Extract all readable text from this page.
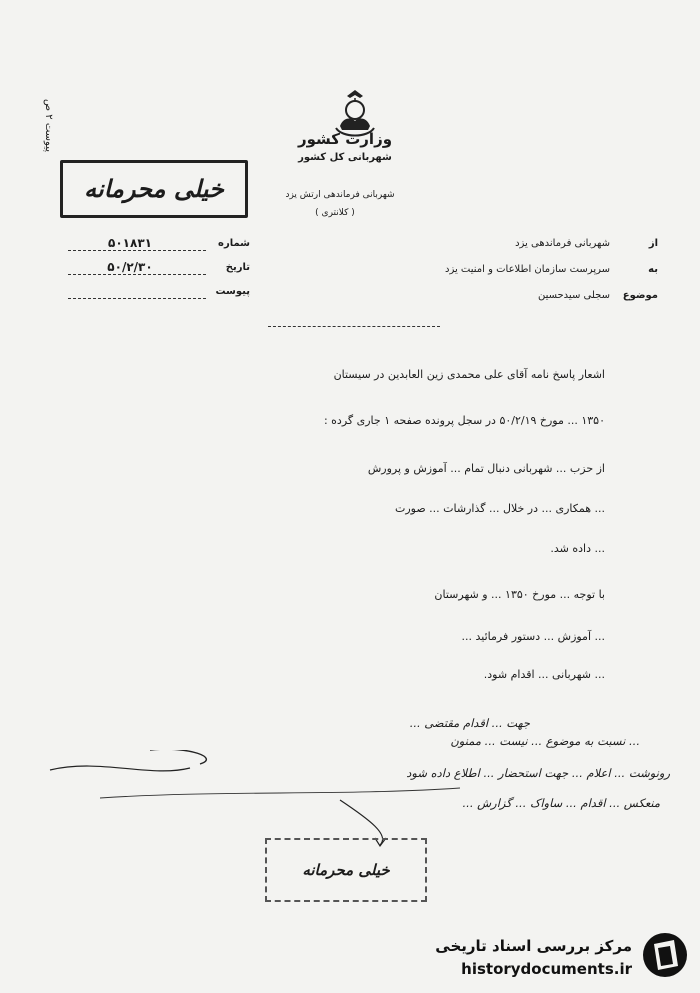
پیوست ۲ ص	وزارت کشور
شهربانی کل کشور
شهربانی فرماندهی ارتش یزد
( کلانتری )
خیلی محرمانه
شماره
۵۰۱۸۳۱
تاریخ
۵۰/۲/۳۰
پیوست
از
شهربانی فرماندهی یزد
به
سرپرست سازمان اطلاعات و امنیت یزد
موضوع
سجلی سیدحسین
اشعار پاسخ نامه آقای علی محمدی زین العابدین در سیستان
۱۳۵۰ ... مورخ ۵۰/۲/۱۹ در سجل پرونده صفحه ۱ جاری گرده :
از حزب ... شهربانی دنبال تمام ... آموزش و پرورش
... همکاری ... در خلال ... گذارشات ... صورت
... داده شد.
با توجه ... مورخ ۱۳۵۰ ... و شهرستان
... آموزش ... دستور فرمائید ...
... شهربانی ... اقدام شود.
جهت ... اقدام مقتضی ...
... نسبت به موضوع ... نیست ... ممنون
رونوشت ... اعلام ... جهت استحضار ... اطلاع داده شود
منعکس ... اقدام ... ساواک ... گزارش ...
خیلی محرمانه
مرکز بررسی اسناد تاریخی
historydocuments.ir
